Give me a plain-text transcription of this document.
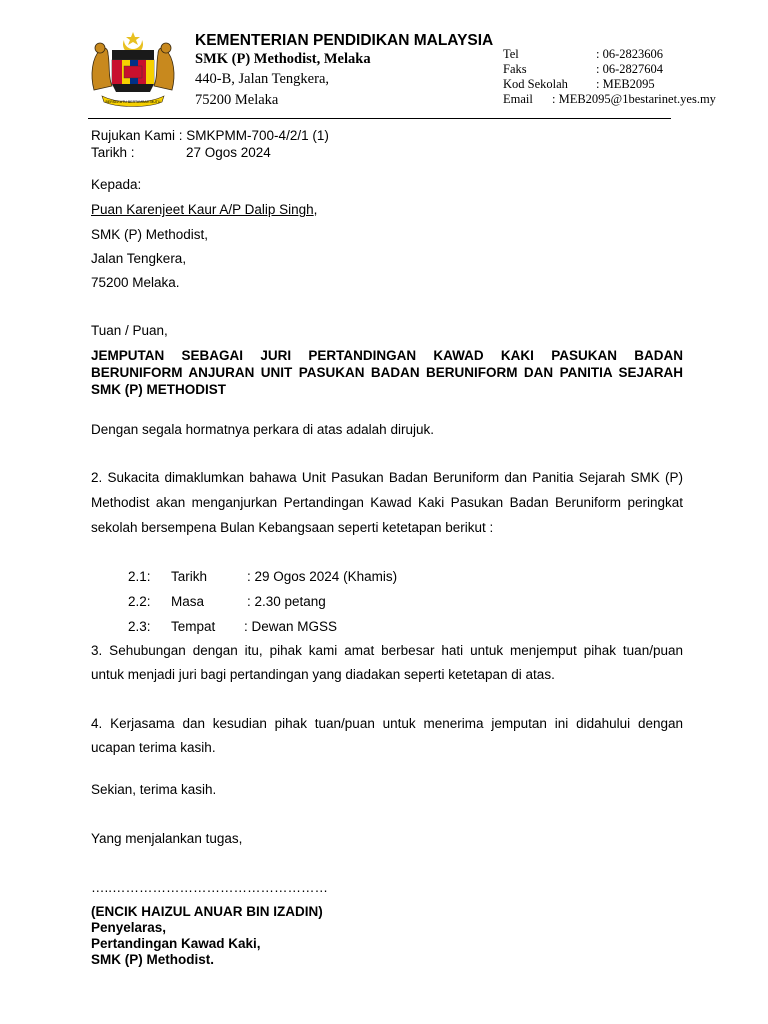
BERSEKUTU BERTAMBAH MUTU
KEMENTERIAN PENDIDIKAN MALAYSIA
SMK (P) Methodist, Melaka
440-B, Jalan Tengkera,
75200 Melaka
Tel	: 06-2823606
Faks	: 06-2827604
Kod Sekolah : MEB2095
Email : MEB2095@1bestarinet.yes.my
Rujukan Kami : SMKPMM-700-4/2/1 (1)
Tarikh :	27 Ogos 2024
Kepada:
Puan Karenjeet Kaur A/P Dalip Singh,
SMK (P) Methodist,
Jalan Tengkera,
75200 Melaka.
Tuan / Puan,
JEMPUTAN SEBAGAI JURI PERTANDINGAN KAWAD KAKI PASUKAN BADAN
BERUNIFORM ANJURAN UNIT PASUKAN BADAN BERUNIFORM DAN PANITIA SEJARAH
SMK (P) METHODIST
Dengan segala hormatnya perkara di atas adalah dirujuk.
2. Sukacita dimaklumkan bahawa Unit Pasukan Badan Beruniform dan Panitia Sejarah SMK (P)
Methodist akan menganjurkan Pertandingan Kawad Kaki Pasukan Badan Beruniform peringkat
sekolah bersempena Bulan Kebangsaan seperti ketetapan berikut :
2.1: Tarikh	: 29 Ogos 2024 (Khamis)
2.2: Masa	: 2.30 petang
2.3: Tempat : Dewan MGSS
3. Sehubungan dengan itu, pihak kami amat berbesar hati untuk menjemput pihak tuan/puan
untuk menjadi juri bagi pertandingan yang diadakan seperti ketetapan di atas.
4. Kerjasama dan kesudian pihak tuan/puan untuk menerima jemputan ini didahului dengan
ucapan terima kasih.
Sekian, terima kasih.
Yang menjalankan tugas,
…..…………………………………………
(ENCIK HAIZUL ANUAR BIN IZADIN)
Penyelaras,
Pertandingan Kawad Kaki,
SMK (P) Methodist.
